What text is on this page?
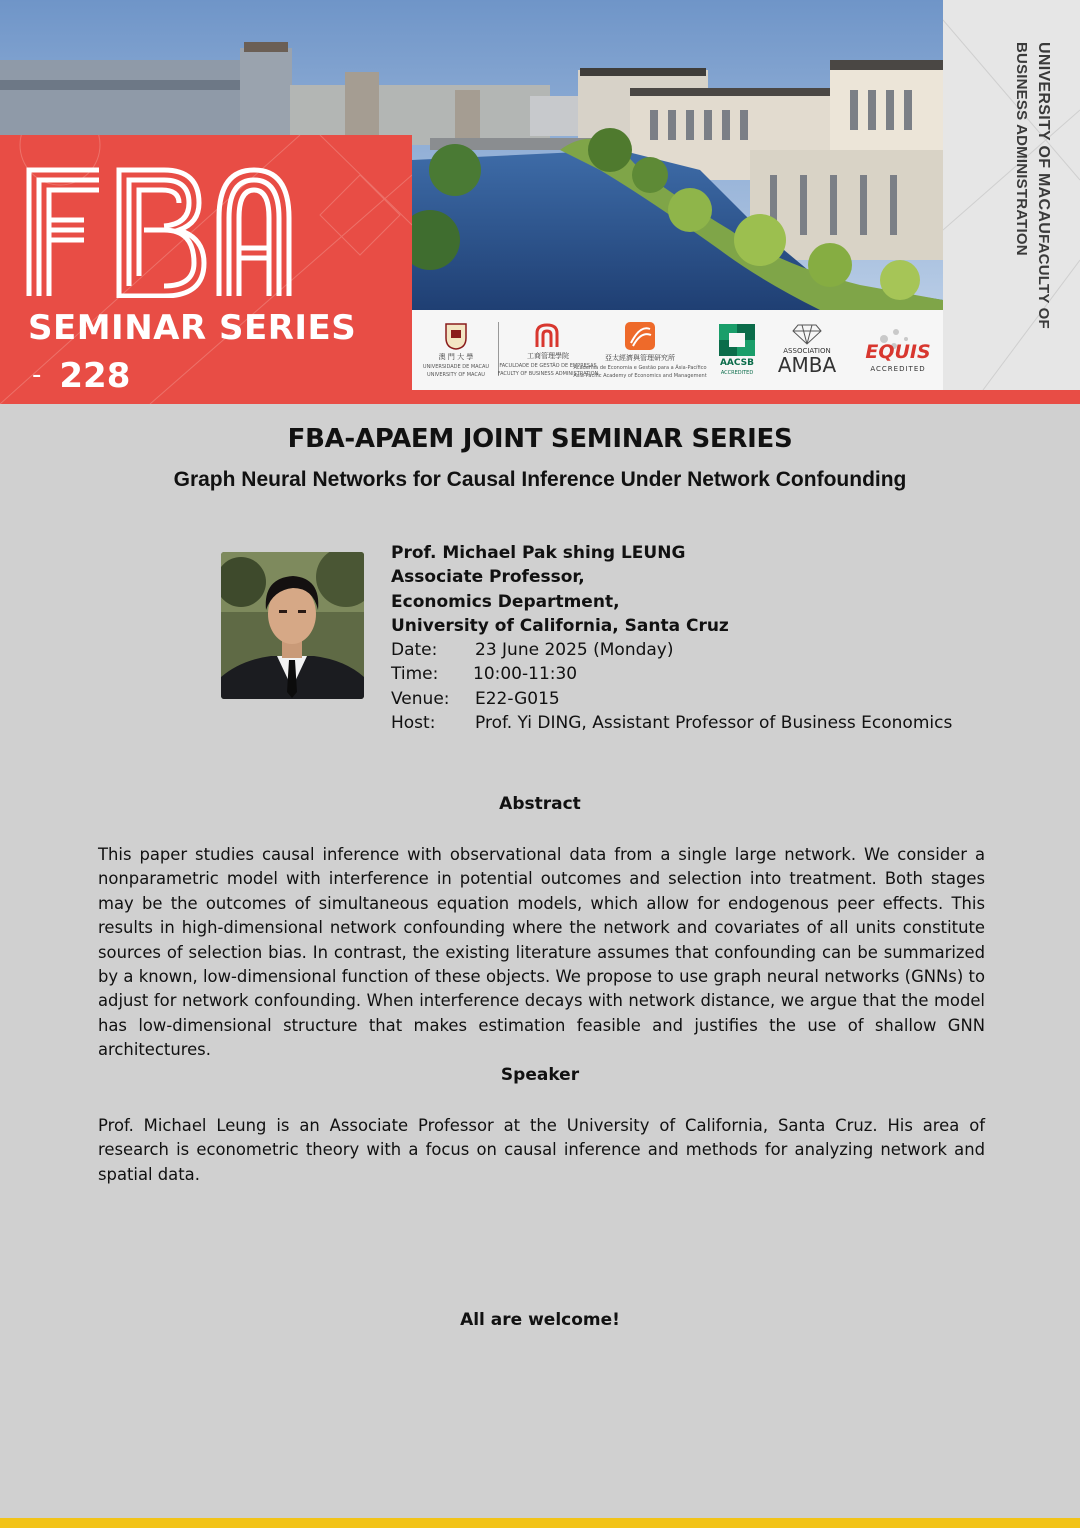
SEMINAR SERIES
- 228	澳 門 大 學
UNIVERSIDADE DE MACAU
UNIVERSITY OF MACAU
工商管理學院
FACULDADE DE GESTÃO DE EMPRESAS
FACULTY OF BUSINESS ADMINISTRATION
亞太經濟與管理研究所
Academia de Economia e Gestão para a Ásia-Pacífico
Asia-Pacific Academy of Economics and Management
AACSB
ACCREDITED
ASSOCIATION
AMBA
EQUIS
ACCREDITED
UNIVERSITY OF MACAUFACULTY OF BUSINESS ADMINISTRATION
FBA-APAEM JOINT SEMINAR SERIES
Graph Neural Networks for Causal Inference Under Network Confounding
Prof. Michael Pak shing LEUNG
Associate Professor,
Economics Department,
University of California, Santa Cruz
Date:	23 June 2025 (Monday)
Time:	10:00-11:30
Venue:	E22-G015
Host:	Prof. Yi DING, Assistant Professor of Business Economics
Abstract
This paper studies causal inference with observational data from a single large network. We consider a nonparametric model with interference in potential outcomes and selection into treatment. Both stages may be the outcomes of simultaneous equation models, which allow for endogenous peer effects. This results in high-dimensional network confounding where the network and covariates of all units constitute sources of selection bias. In contrast, the existing literature assumes that confounding can be summarized by a known, low-dimensional function of these objects. We propose to use graph neural networks (GNNs) to adjust for network confounding. When interference decays with network distance, we argue that the model has low-dimensional structure that makes estimation feasible and justifies the use of shallow GNN architectures.
Speaker
Prof. Michael Leung is an Associate Professor at the University of California, Santa Cruz. His area of research is econometric theory with a focus on causal inference and methods for analyzing network and spatial data.
All are welcome!
